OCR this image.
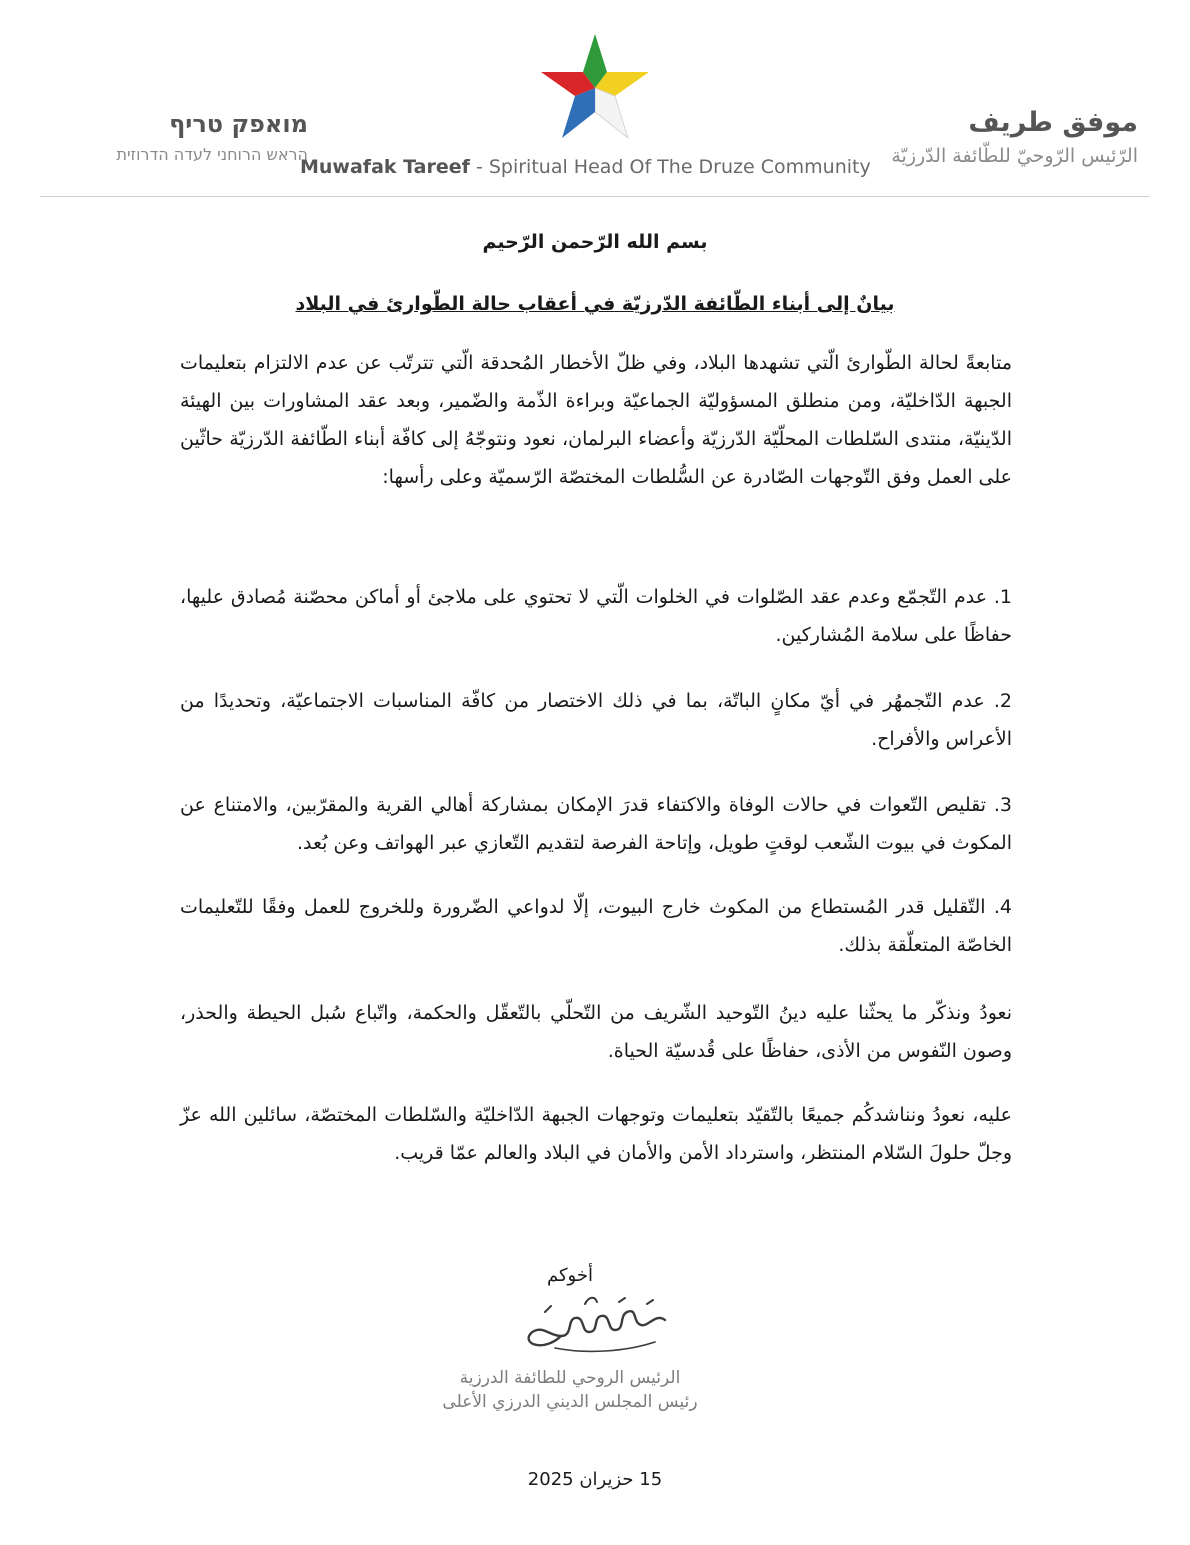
موفق طريف
الرّئيس الرّوحيّ للطّائفة الدّرزيّة
מואפק טריף
הראש הרוחני לעדה הדרוזית
Muwafak Tareef - Spiritual Head Of The Druze Community
بسم الله الرّحمن الرّحيم
بيانٌ إلى أبناء الطّائفة الدّرزيّة في أعقاب حالة الطّوارئ في البلاد
متابعةً لحالة الطّوارئ الّتي تشهدها البلاد، وفي ظلّ الأخطار المُحدقة الّتي تترتّب عن عدم الالتزام بتعليمات الجبهة الدّاخليّة، ومن منطلق المسؤوليّة الجماعيّة وبراءة الذّمة والضّمير، وبعد عقد المشاورات بين الهيئة الدّينيّة، منتدى السّلطات المحلّيّة الدّرزيّة وأعضاء البرلمان، نعود ونتوجّهُ إلى كافّة أبناء الطّائفة الدّرزيّة حاثّين على العمل وفق التّوجهات الصّادرة عن السُّلطات المختصّة الرّسميّة وعلى رأسها:
1. عدم التّجمّع وعدم عقد الصّلوات في الخلوات الّتي لا تحتوي على ملاجئ أو أماكن محصّنة مُصادق عليها، حفاظًا على سلامة المُشاركين.
2. عدم التّجمهُر في أيّ مكانٍ الباتّة، بما في ذلك الاختصار من كافّة المناسبات الاجتماعيّة، وتحديدًا من الأعراس والأفراح.
3. تقليص التّعوات في حالات الوفاة والاكتفاء قدرَ الإمكان بمشاركة أهالي القرية والمقرّبين، والامتناع عن المكوث في بيوت الشّعب لوقتٍ طويل، وإتاحة الفرصة لتقديم التّعازي عبر الهواتف وعن بُعد.
4. التّقليل قدر المُستطاع من المكوث خارج البيوت، إلّا لدواعي الضّرورة وللخروج للعمل وفقًا للتّعليمات الخاصّة المتعلّقة بذلك.
نعودُ ونذكّر ما يحثّنا عليه دينُ التّوحيد الشّريف من التّحلّي بالتّعقّل والحكمة، واتّباع سُبل الحيطة والحذر، وصون النّفوس من الأذى، حفاظًا على قُدسيّة الحياة.
عليه، نعودُ ونناشدكُم جميعًا بالتّقيّد بتعليمات وتوجهات الجبهة الدّاخليّة والسّلطات المختصّة، سائلين الله عزّ وجلّ حلولَ السّلام المنتظر، واسترداد الأمن والأمان في البلاد والعالم عمّا قريب.
أخوكم
الرئيس الروحي للطائفة الدرزية
رئيس المجلس الديني الدرزي الأعلى
15 حزيران 2025
